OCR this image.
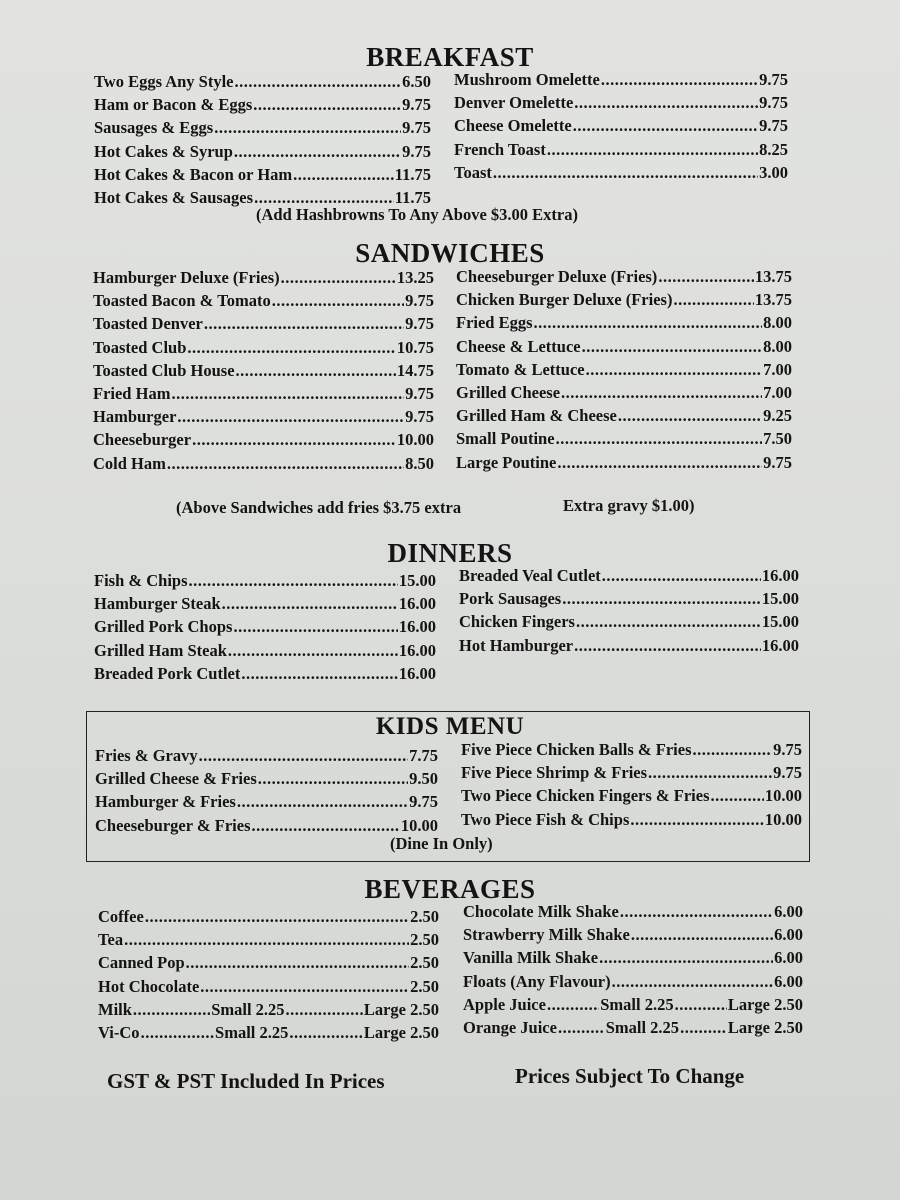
BREAKFAST
Two Eggs Any Style .....	6.50
Ham or Bacon & Eggs .....	9.75
Sausages & Eggs .....	9.75
Hot Cakes & Syrup .....	9.75
Hot Cakes & Bacon or Ham .....	11.75
Hot Cakes & Sausages .....	11.75
Mushroom Omelette .....	9.75
Denver Omelette .....	9.75
Cheese Omelette .....	9.75
French Toast .....	8.25
Toast .....	3.00
(Add Hashbrowns To Any Above $3.00 Extra)
SANDWICHES
Hamburger Deluxe (Fries) .....	13.25
Toasted Bacon & Tomato .....	9.75
Toasted Denver .....	9.75
Toasted Club .....	10.75
Toasted Club House .....	14.75
Fried Ham .....	9.75
Hamburger .....	9.75
Cheeseburger .....	10.00
Cold Ham .....	8.50
Cheeseburger Deluxe (Fries) .....	13.75
Chicken Burger Deluxe (Fries) .....	13.75
Fried Eggs .....	8.00
Cheese & Lettuce .....	8.00
Tomato & Lettuce .....	7.00
Grilled Cheese .....	7.00
Grilled Ham & Cheese .....	9.25
Small Poutine .....	7.50
Large Poutine .....	9.75
(Above Sandwiches add fries $3.75 extra	Extra gravy $1.00)
DINNERS
Fish & Chips .....	15.00
Hamburger Steak .....	16.00
Grilled Pork Chops .....	16.00
Grilled Ham Steak .....	16.00
Breaded Pork Cutlet .....	16.00
Breaded Veal Cutlet .....	16.00
Pork Sausages .....	15.00
Chicken Fingers .....	15.00
Hot Hamburger .....	16.00
KIDS MENU
Fries & Gravy .....	7.75
Grilled Cheese & Fries .....	9.50
Hamburger & Fries .....	9.75
Cheeseburger & Fries .....	10.00
Five Piece Chicken Balls & Fries .....	9.75
Five Piece Shrimp & Fries .....	9.75
Two Piece Chicken Fingers & Fries .....	10.00
Two Piece Fish & Chips .....	10.00
(Dine In Only)
BEVERAGES
Coffee .....	2.50
Tea .....	2.50
Canned Pop .....	2.50
Hot Chocolate .....	2.50
Milk .....	Small 2.25 .....	Large 2.50
Vi-Co .....	Small 2.25 .....	Large 2.50
Chocolate Milk Shake .....	6.00
Strawberry Milk Shake .....	6.00
Vanilla Milk Shake .....	6.00
Floats (Any Flavour) .....	6.00
Apple Juice .....	Small 2.25 .....	Large 2.50
Orange Juice .....	Small 2.25 .....	Large 2.50
GST & PST Included In Prices	Prices Subject To Change
